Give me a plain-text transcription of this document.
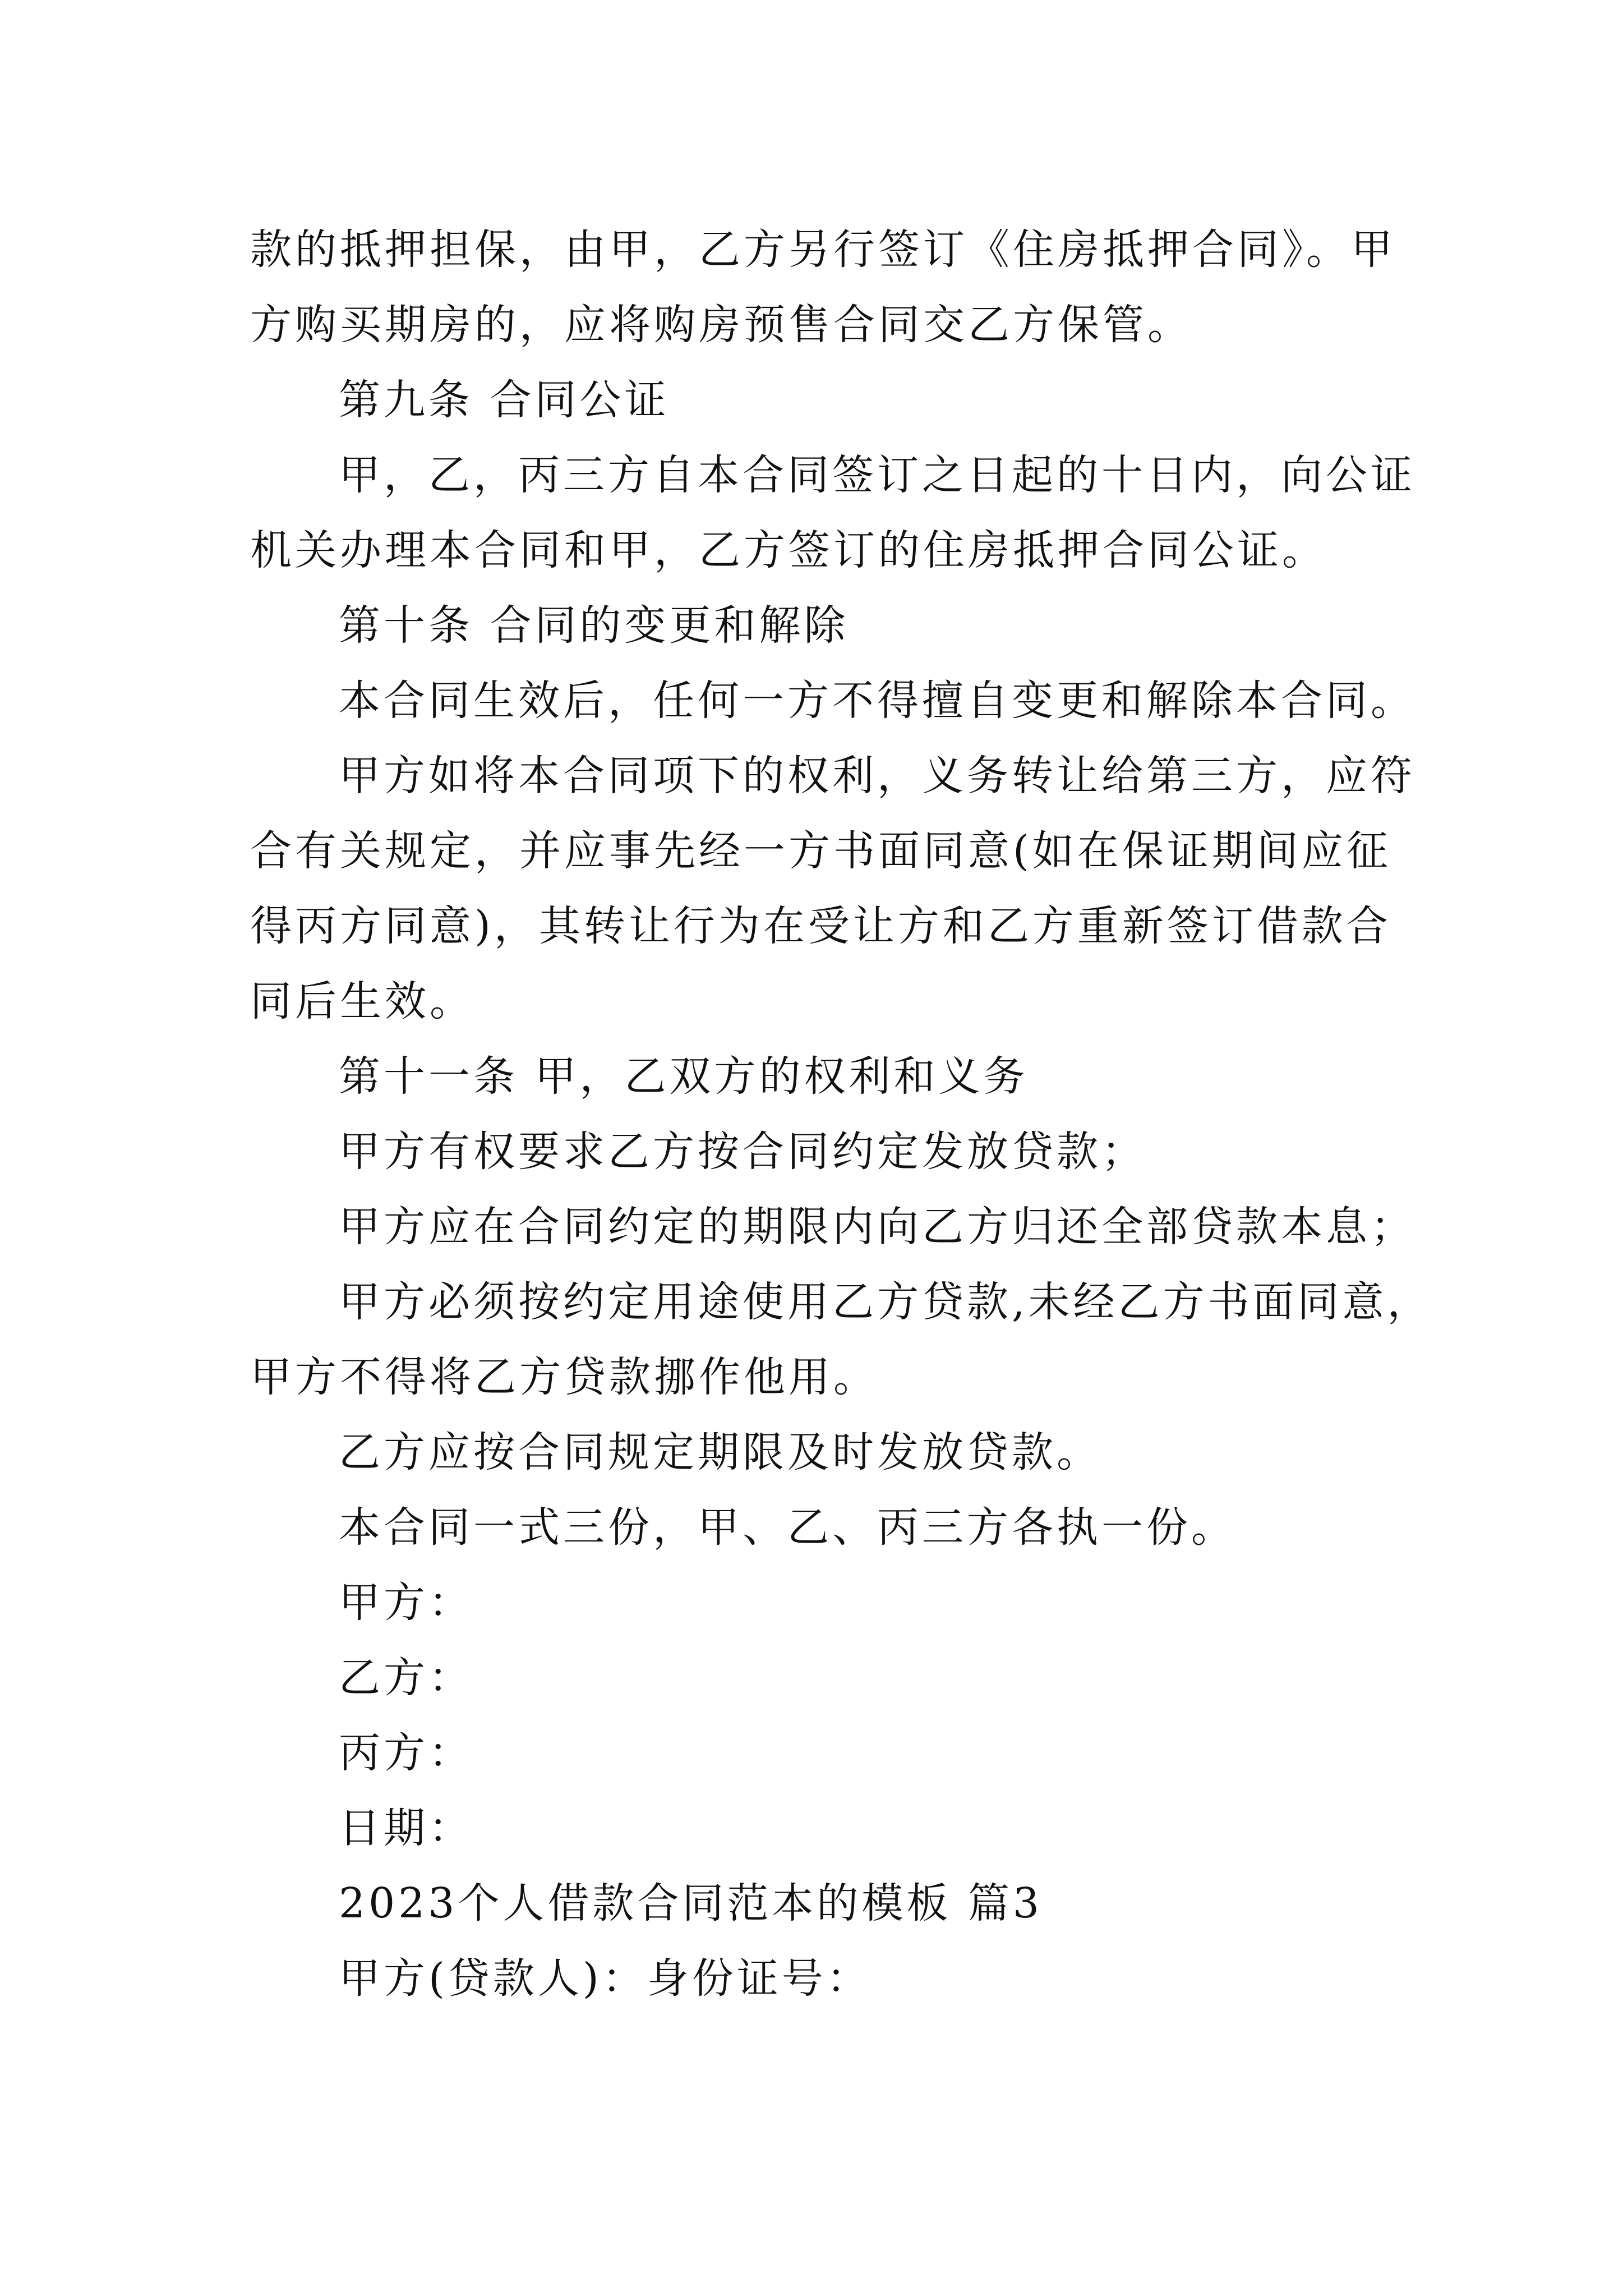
款的抵押担保，由甲，乙方另行签订《住房抵押合同》。甲
方购买期房的，应将购房预售合同交乙方保管。
第九条 合同公证
甲，乙，丙三方自本合同签订之日起的十日内，向公证
机关办理本合同和甲，乙方签订的住房抵押合同公证。
第十条 合同的变更和解除
本合同生效后，任何一方不得擅自变更和解除本合同。
甲方如将本合同项下的权利，义务转让给第三方，应符
合有关规定，并应事先经一方书面同意(如在保证期间应征
得丙方同意)，其转让行为在受让方和乙方重新签订借款合
同后生效。
第十一条 甲，乙双方的权利和义务
甲方有权要求乙方按合同约定发放贷款；
甲方应在合同约定的期限内向乙方归还全部贷款本息；
甲方必须按约定用途使用乙方贷款,未经乙方书面同意，
甲方不得将乙方贷款挪作他用。
乙方应按合同规定期限及时发放贷款。
本合同一式三份，甲、乙、丙三方各执一份。
甲方：
乙方：
丙方：
日期：
2023个人借款合同范本的模板 篇3
甲方(贷款人)：身份证号：
